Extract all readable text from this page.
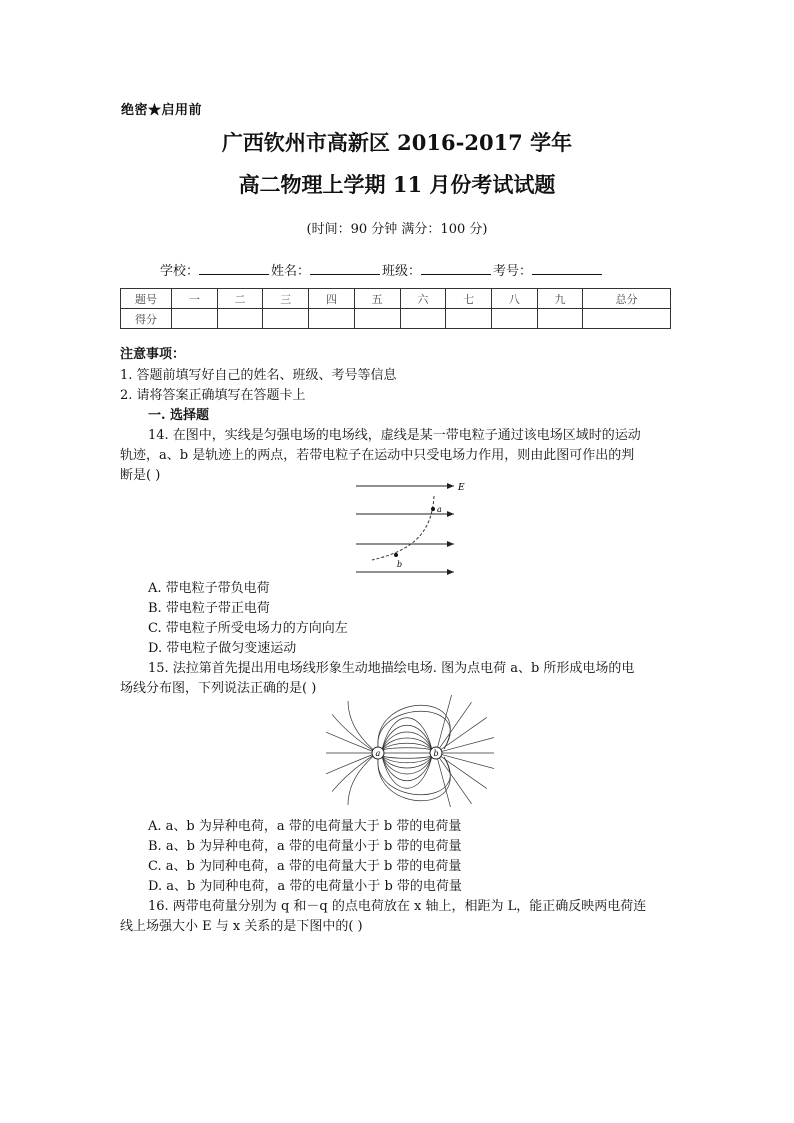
绝密★启用前
广西钦州市高新区 2016-2017 学年
高二物理上学期 11 月份考试试题
(时间：90 分钟 满分：100 分)
学校：	姓名：	班级：	考号：
题号	一	二	三	四	五	六	七	八	九	总分
得分										
注意事项：
1. 答题前填写好自己的姓名、班级、考号等信息
2. 请将答案正确填写在答题卡上
一. 选择题
14. 在图中，实线是匀强电场的电场线，虚线是某一带电粒子通过该电场区域时的运动
轨迹，a、b 是轨迹上的两点，若带电粒子在运动中只受电场力作用，则由此图可作出的判
断是( )
E
a
b
A. 带电粒子带负电荷
B. 带电粒子带正电荷
C. 带电粒子所受电场力的方向向左
D. 带电粒子做匀变速运动
15. 法拉第首先提出用电场线形象生动地描绘电场. 图为点电荷 a、b 所形成电场的电
场线分布图，下列说法正确的是( )
a	b
A. a、b 为异种电荷，a 带的电荷量大于 b 带的电荷量
B. a、b 为异种电荷，a 带的电荷量小于 b 带的电荷量
C. a、b 为同种电荷，a 带的电荷量大于 b 带的电荷量
D. a、b 为同种电荷，a 带的电荷量小于 b 带的电荷量
16. 两带电荷量分别为 q 和－q 的点电荷放在 x 轴上，相距为 L，能正确反映两电荷连
线上场强大小 E 与 x 关系的是下图中的( )
